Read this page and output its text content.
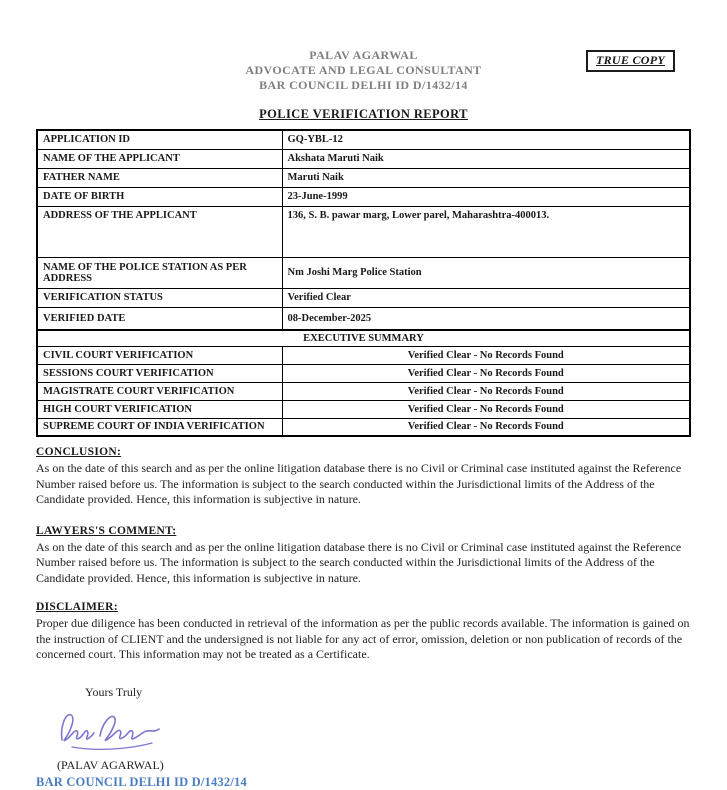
TRUE COPY
PALAV AGARWAL
ADVOCATE AND LEGAL CONSULTANT
BAR COUNCIL DELHI ID D/1432/14
POLICE VERIFICATION REPORT
APPLICATION ID	GQ-YBL-12
NAME OF THE APPLICANT	Akshata Maruti Naik
FATHER NAME	Maruti Naik
DATE OF BIRTH	23-June-1999
ADDRESS OF THE APPLICANT	136, S. B. pawar marg, Lower parel, Maharashtra-400013.
NAME OF THE POLICE STATION AS PER ADDRESS	Nm Joshi Marg Police Station
VERIFICATION STATUS	Verified Clear
VERIFIED DATE	08-December-2025
EXECUTIVE SUMMARY	
CIVIL COURT VERIFICATION	Verified Clear - No Records Found
SESSIONS COURT VERIFICATION	Verified Clear - No Records Found
MAGISTRATE COURT VERIFICATION	Verified Clear - No Records Found
HIGH COURT VERIFICATION	Verified Clear - No Records Found
SUPREME COURT OF INDIA VERIFICATION	Verified Clear - No Records Found
CONCLUSION:
As on the date of this search and as per the online litigation database there is no Civil or Criminal case instituted against the Reference Number raised before us. The information is subject to the search conducted within the Jurisdictional limits of the Address of the Candidate provided. Hence, this information is subjective in nature.
LAWYERS'S COMMENT:
As on the date of this search and as per the online litigation database there is no Civil or Criminal case instituted against the Reference Number raised before us. The information is subject to the search conducted within the Jurisdictional limits of the Address of the Candidate provided. Hence, this information is subjective in nature.
DISCLAIMER:
Proper due diligence has been conducted in retrieval of the information as per the public records available. The information is gained on the instruction of CLIENT and the undersigned is not liable for any act of error, omission, deletion or non publication of records of the concerned court. This information may not be treated as a Certificate.
Yours Truly
(PALAV AGARWAL)
BAR COUNCIL DELHI ID D/1432/14
